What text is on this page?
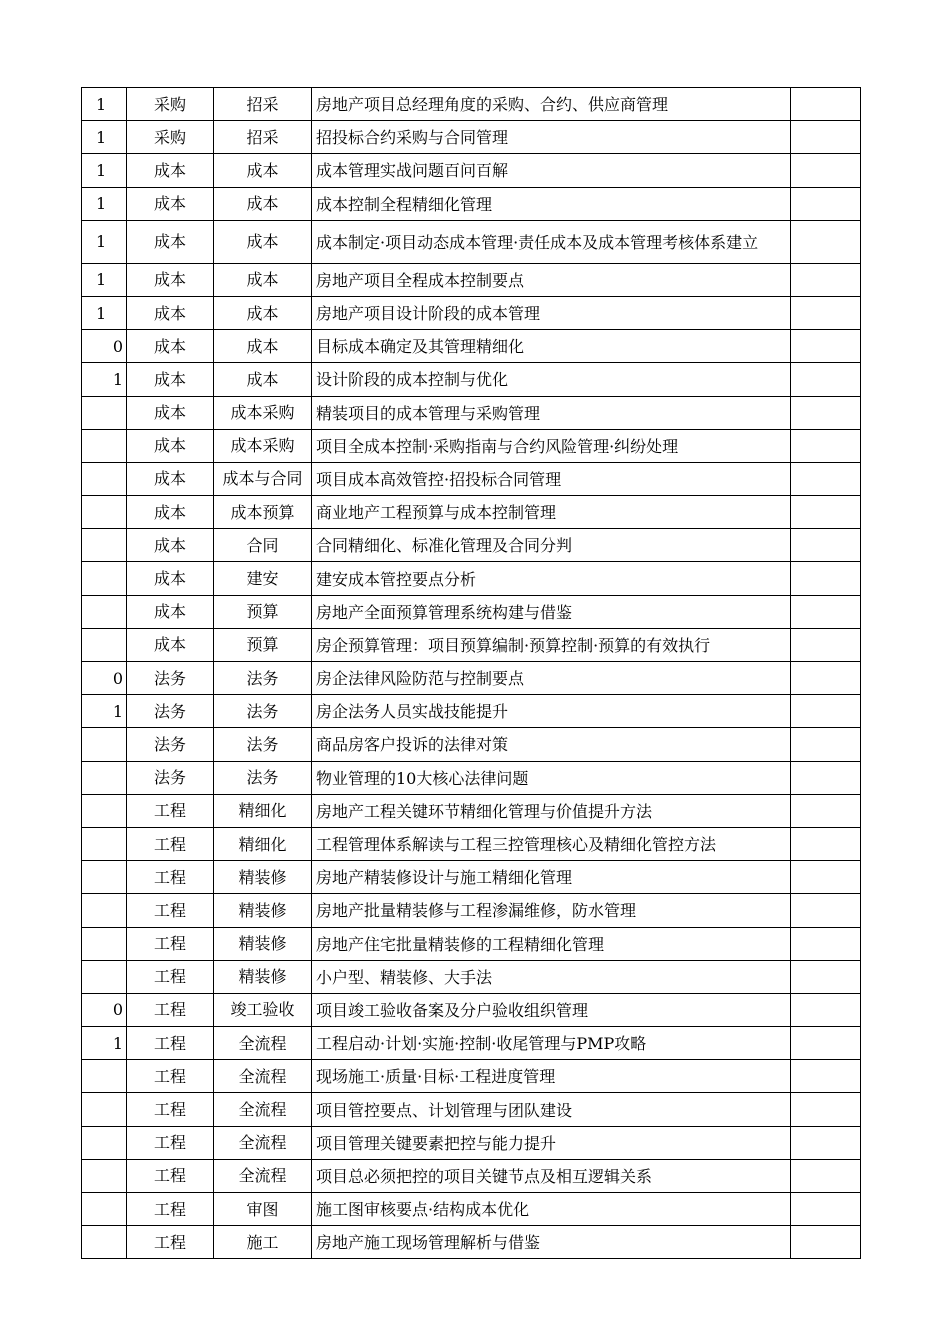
1	采购	招采	房地产项目总经理角度的采购、合约、供应商管理	
1	采购	招采	招投标合约采购与合同管理	
1	成本	成本	成本管理实战问题百问百解	
1	成本	成本	成本控制全程精细化管理	
1	成本	成本	成本制定·项目动态成本管理·责任成本及成本管理考核体系建立	
1	成本	成本	房地产项目全程成本控制要点	
1	成本	成本	房地产项目设计阶段的成本管理	
0	成本	成本	目标成本确定及其管理精细化	
1	成本	成本	设计阶段的成本控制与优化	
	成本	成本采购	精装项目的成本管理与采购管理	
	成本	成本采购	项目全成本控制·采购指南与合约风险管理·纠纷处理	
	成本	成本与合同	项目成本高效管控·招投标合同管理	
	成本	成本预算	商业地产工程预算与成本控制管理	
	成本	合同	合同精细化、标准化管理及合同分判	
	成本	建安	建安成本管控要点分析	
	成本	预算	房地产全面预算管理系统构建与借鉴	
	成本	预算	房企预算管理：项目预算编制·预算控制·预算的有效执行	
0	法务	法务	房企法律风险防范与控制要点	
1	法务	法务	房企法务人员实战技能提升	
	法务	法务	商品房客户投诉的法律对策	
	法务	法务	物业管理的10大核心法律问题	
	工程	精细化	房地产工程关键环节精细化管理与价值提升方法	
	工程	精细化	工程管理体系解读与工程三控管理核心及精细化管控方法	
	工程	精装修	房地产精装修设计与施工精细化管理	
	工程	精装修	房地产批量精装修与工程渗漏维修，防水管理	
	工程	精装修	房地产住宅批量精装修的工程精细化管理	
	工程	精装修	小户型、精装修、大手法	
0	工程	竣工验收	项目竣工验收备案及分户验收组织管理	
1	工程	全流程	工程启动·计划·实施·控制·收尾管理与PMP攻略	
	工程	全流程	现场施工·质量·目标·工程进度管理	
	工程	全流程	项目管控要点、计划管理与团队建设	
	工程	全流程	项目管理关键要素把控与能力提升	
	工程	全流程	项目总必须把控的项目关键节点及相互逻辑关系	
	工程	审图	施工图审核要点·结构成本优化	
	工程	施工	房地产施工现场管理解析与借鉴	
